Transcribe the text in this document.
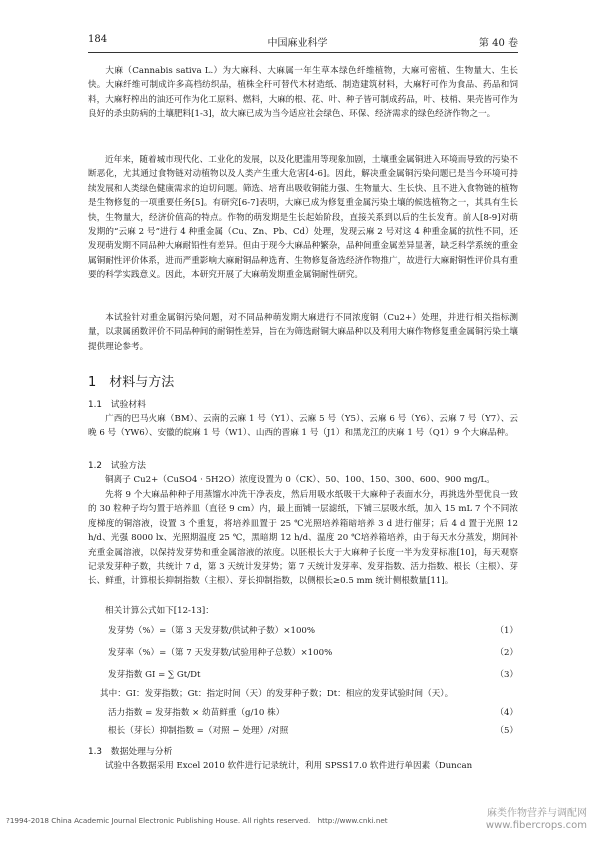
184	中国麻业科学	第 40 卷

大麻（Cannabis sativa L.）为大麻科、大麻属一年生草本绿色纤维植物，大麻可密植、生物量大、生长快。大麻纤维可制成许多高档纺织品，植株全秆可替代木材造纸、制造建筑材料，大麻籽可作为食品、药品和饲料，大麻籽榨出的油还可作为化工原料、燃料，大麻的根、花、叶、种子皆可制成药品，叶、枝梢、果壳皆可作为良好的杀虫防病的土壤肥料[1-3]，故大麻已成为当今适应社会绿色、环保、经济需求的绿色经济作物之一。

近年来，随着城市现代化、工业化的发展，以及化肥滥用等现象加剧，土壤重金属铜进入环境而导致的污染不断恶化，尤其通过食物链对动植物以及人类产生重大危害[4-6]。因此，解决重金属铜污染问题已是当今环境可持续发展和人类绿色健康需求的迫切问题。筛选、培育出吸收铜能力强、生物量大、生长快、且不进入食物链的植物是生物修复的一项重要任务[5]。有研究[6-7]表明，大麻已成为修复重金属污染土壤的候选植物之一，其具有生长快，生物量大，经济价值高的特点。作物的萌发期是生长起始阶段，直接关系到以后的生长发育。前人[8-9]对萌发期的“云麻 2 号”进行 4 种重金属（Cu、Zn、Pb、Cd）处理，发现云麻 2 号对这 4 种重金属的抗性不同，还发现萌发期不同品种大麻耐铅性有差异。但由于现今大麻品种繁杂，品种间重金属差异显著，缺乏科学系统的重金属铜耐性评价体系，进而严重影响大麻耐铜品种选育、生物修复备选经济作物推广，故进行大麻耐铜性评价具有重要的科学实践意义。因此，本研究开展了大麻萌发期重金属铜耐性研究。

本试验针对重金属铜污染问题，对不同品种萌发期大麻进行不同浓度铜（Cu2+）处理，并进行相关指标测量，以隶属函数评价不同品种间的耐铜性差异，旨在为筛选耐铜大麻品种以及利用大麻作物修复重金属铜污染土壤提供理论参考。

1　材料与方法
1.1　试验材料

广西的巴马火麻（BM）、云南的云麻 1 号（Y1）、云麻 5 号（Y5）、云麻 6 号（Y6）、云麻 7 号（Y7）、云晚 6 号（YW6）、安徽的皖麻 1 号（W1）、山西的晋麻 1 号（J1）和黑龙江的庆麻 1 号（Q1）9 个大麻品种。

1.2　试验方法

铜离子 Cu2+（CuSO4 · 5H2O）浓度设置为 0（CK）、50、100、150、300、600、900 mg/L。

先将 9 个大麻品种种子用蒸馏水冲洗干净表皮，然后用吸水纸吸干大麻种子表面水分，再挑选外型优良一致的 30 粒种子均匀置于培养皿（直径 9 cm）内，最上面铺一层滤纸，下铺三层吸水纸，加入 15 mL 7 个不同浓度梯度的铜溶液，设置 3 个重复，将培养皿置于 25 ℃光照培养箱暗培养 3 d 进行催芽；后 4 d 置于光照 12 h/d、光强 8000 lx、光照期温度 25 ℃，黑暗期 12 h/d、温度 20 ℃培养箱培养，由于每天水分蒸发，期间补充重金属溶液，以保持发芽势和重金属溶液的浓度。以胚根长大于大麻种子长度一半为发芽标准[10]，每天观察记录发芽种子数，共统计 7 d，第 3 天统计发芽势；第 7 天统计发芽率、发芽指数、活力指数、根长（主根）、芽长、鲜重，计算根长抑制指数（主根）、芽长抑制指数，以侧根长≥0.5 mm 统计侧根数量[11]。

相关计算公式如下[12-13]：

发芽势（%）=（第 3 天发芽数/供试种子数）×100%	（1）
发芽率（%）=（第 7 天发芽数/试验用种子总数）×100%	（2）
发芽指数 GI = ∑ Gt/Dt	（3）
其中：GI：发芽指数；Gt：指定时间（天）的发芽种子数；Dt：相应的发芽试验时间（天）。
活力指数 = 发芽指数 × 幼苗鲜重（g/10 株）	（4）
根长（芽长）抑制指数 =（对照 − 处理）/对照	（5）
1.3　数据处理与分析

试验中各数据采用 Excel 2010 软件进行记录统计，利用 SPSS17.0 软件进行单因素（Duncan

?1994-2018 China Academic Journal Electronic Publishing House. All rights reserved.　http://www.cnki.net
麻类作物营养与调配网
www.fibercrops.com
